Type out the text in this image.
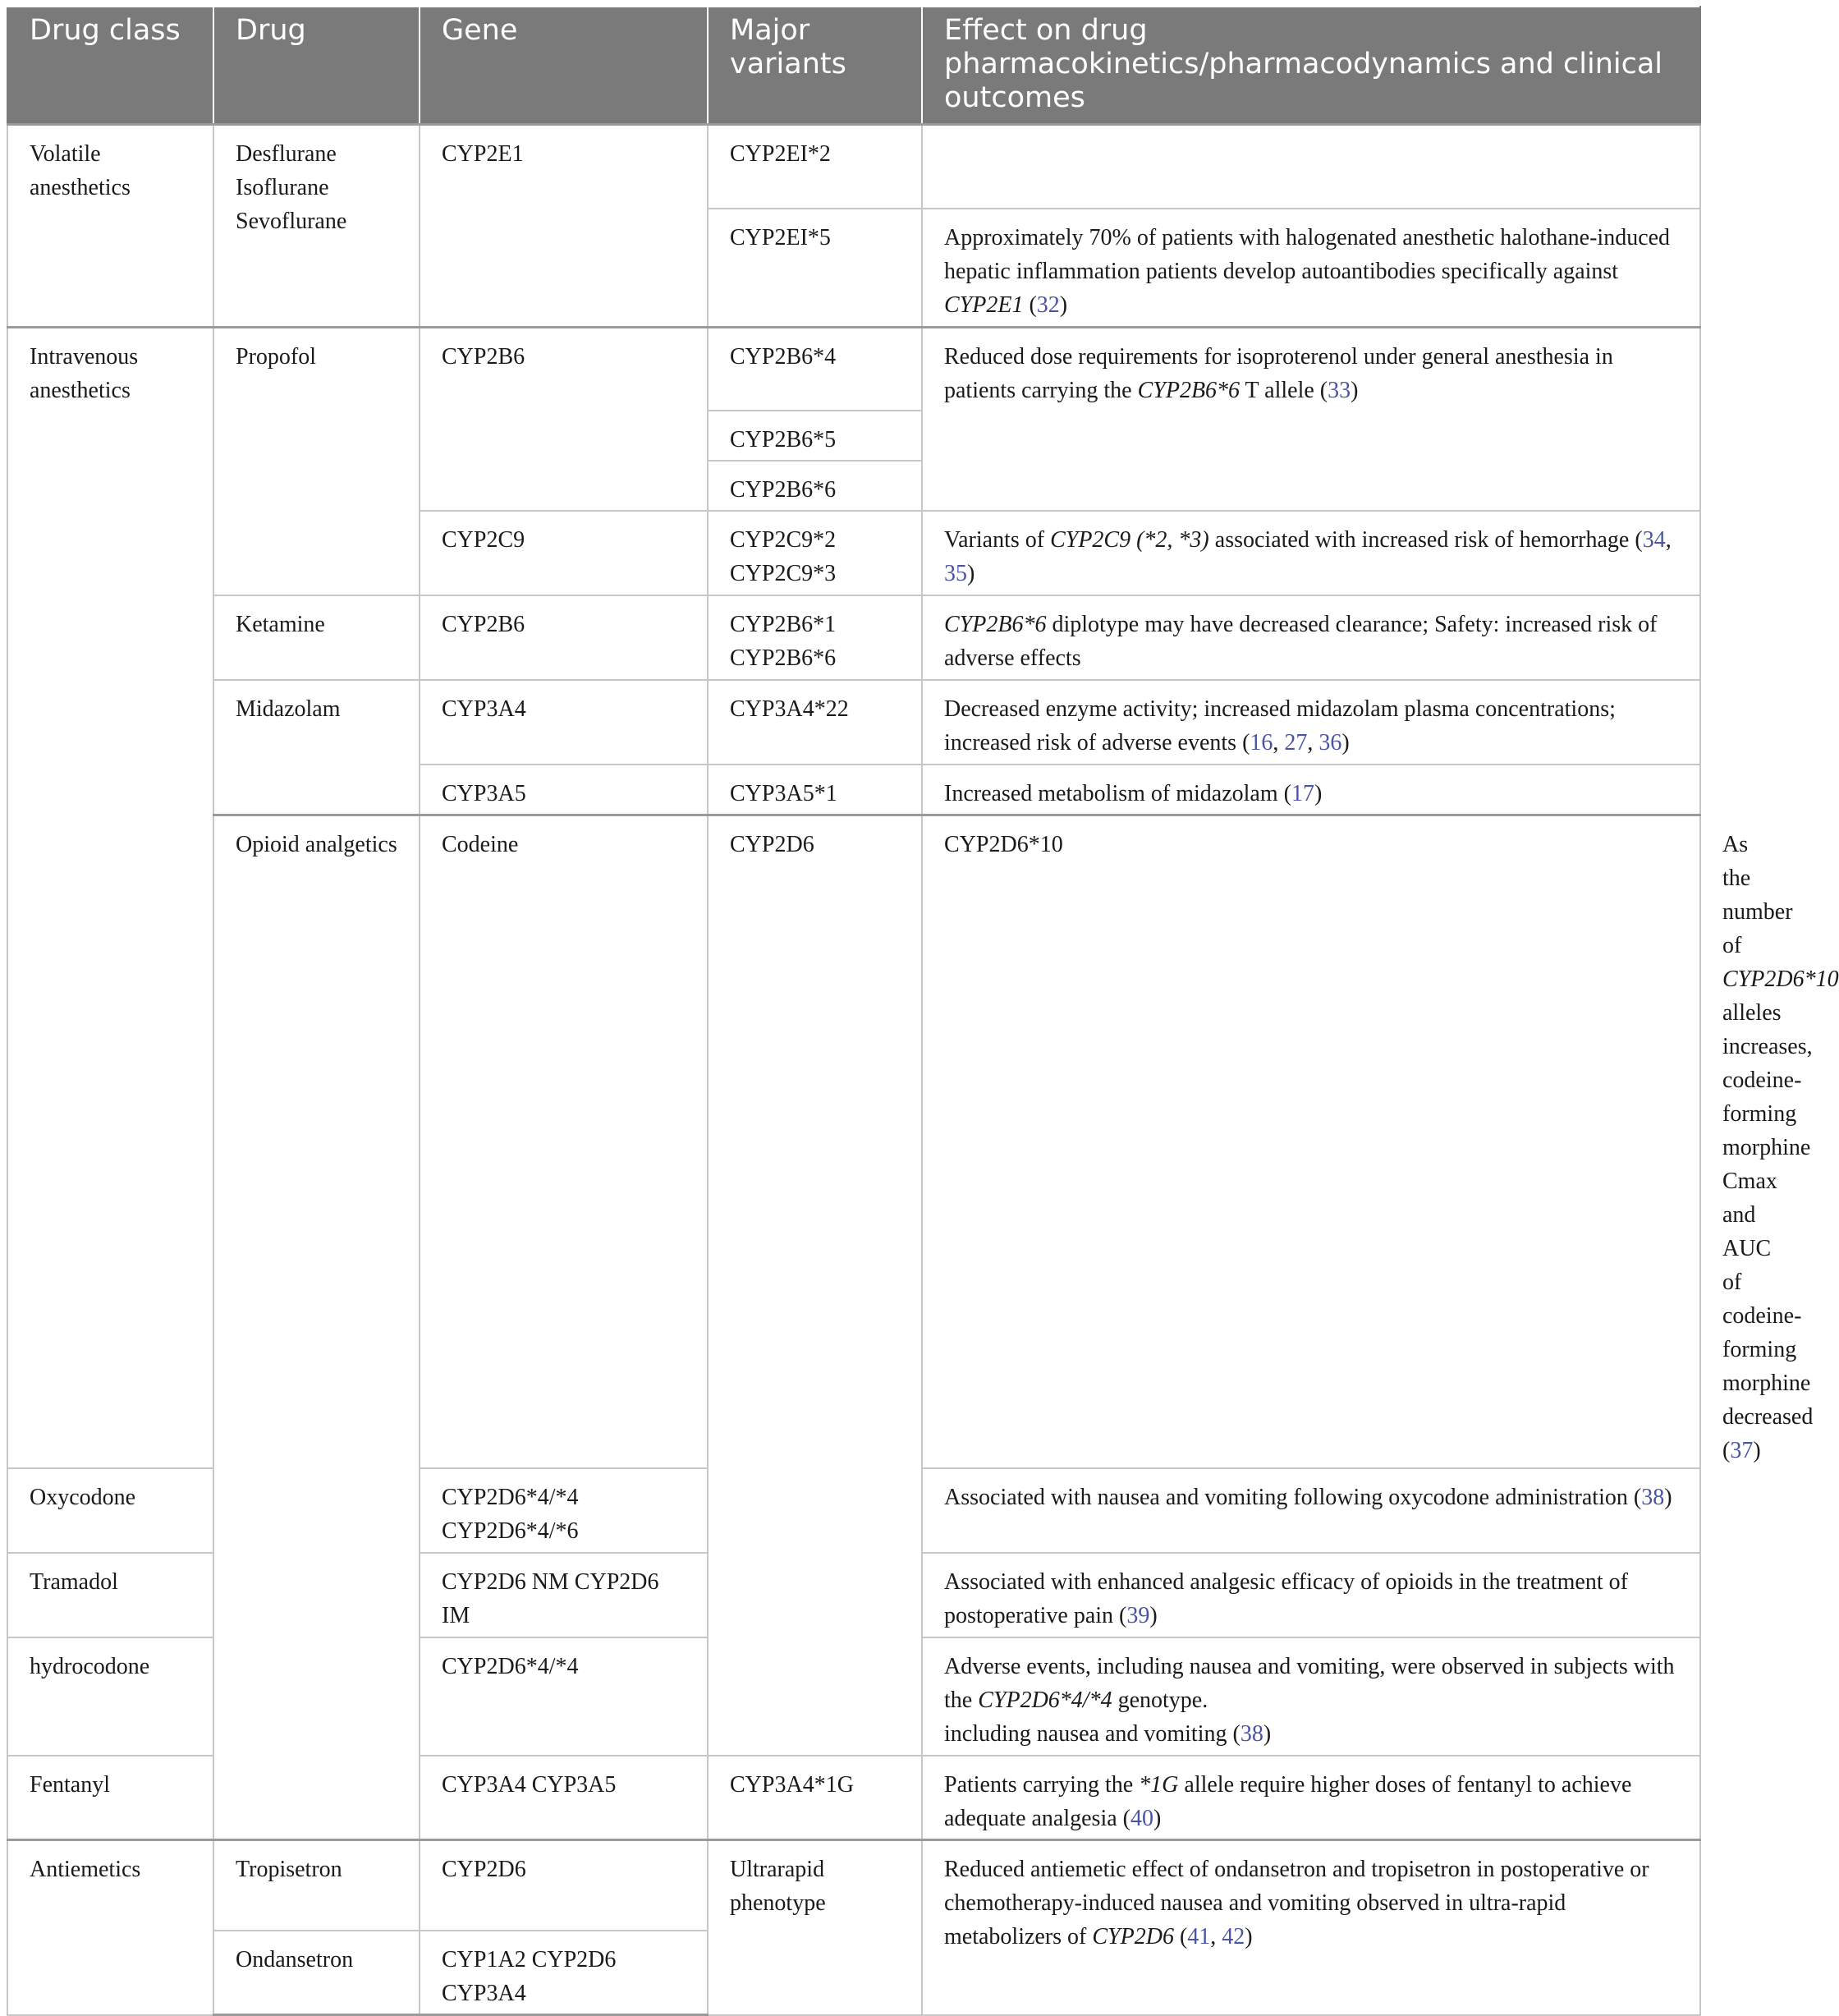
Drug class	Drug	Gene	Major variants	Effect on drug pharmacokinetics/pharmacodynamics and clinical outcomes	
Volatile anesthetics	Desflurane Isoflurane Sevoflurane	CYP2E1	CYP2EI*2		
			CYP2EI*5	Approximately 70% of patients with halogenated anesthetic halothane-induced hepatic inflammation patients develop autoantibodies specifically against CYP2E1 (32)	
Intravenous anesthetics	Propofol	CYP2B6	CYP2B6*4	Reduced dose requirements for isoproterenol under general anesthesia in patients carrying the CYP2B6*6 T allele (33)	
			CYP2B6*5		
			CYP2B6*6		
		CYP2C9	CYP2C9*2 CYP2C9*3	Variants of CYP2C9 (*2, *3) associated with increased risk of hemorrhage (34, 35)	
	Ketamine	CYP2B6	CYP2B6*1 CYP2B6*6	CYP2B6*6 diplotype may have decreased clearance; Safety: increased risk of adverse effects	
	Midazolam	CYP3A4	CYP3A4*22	Decreased enzyme activity; increased midazolam plasma concentrations; increased risk of adverse events (16, 27, 36)	
		CYP3A5	CYP3A5*1	Increased metabolism of midazolam (17)	
	Opioid analgetics	Codeine	CYP2D6	CYP2D6*10	As the number of CYP2D6*10 alleles increases, codeine-forming morphine Cmax and AUC of codeine-forming morphine decreased (37)
Oxycodone		CYP2D6*4/*4 CYP2D6*4/*6		Associated with nausea and vomiting following oxycodone administration (38)	
Tramadol		CYP2D6 NM CYP2D6 IM		Associated with enhanced analgesic efficacy of opioids in the treatment of postoperative pain (39)	
hydrocodone		CYP2D6*4/*4		Adverse events, including nausea and vomiting, were observed in subjects with the CYP2D6*4/*4 genotype.
including nausea and vomiting (38)	
Fentanyl		CYP3A4 CYP3A5	CYP3A4*1G	Patients carrying the *1G allele require higher doses of fentanyl to achieve adequate analgesia (40)	
Antiemetics	Tropisetron	CYP2D6	Ultrarapid phenotype	Reduced antiemetic effect of ondansetron and tropisetron in postoperative or chemotherapy-induced nausea and vomiting observed in ultra-rapid metabolizers of CYP2D6 (41, 42)	
	Ondansetron	CYP1A2 CYP2D6 CYP3A4			
